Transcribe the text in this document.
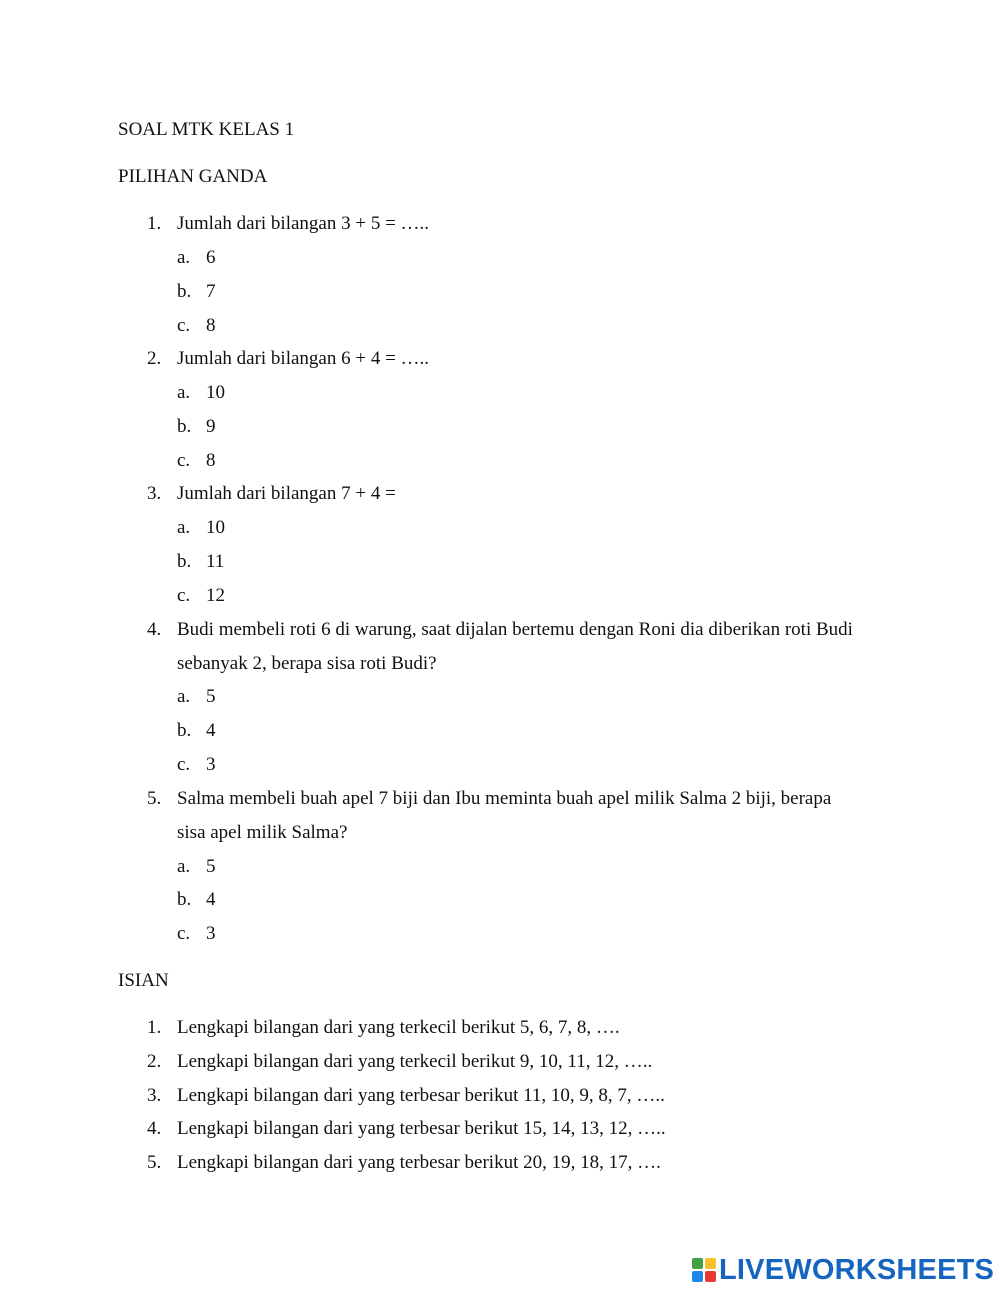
SOAL MTK KELAS 1
PILIHAN GANDA
1. Jumlah dari bilangan 3 + 5 = …..
a. 6
b. 7
c. 8
2. Jumlah dari bilangan 6 + 4 = …..
a. 10
b. 9
c. 8
3. Jumlah dari bilangan 7 + 4 =
a. 10
b. 11
c. 12
4. Budi membeli roti 6 di warung, saat dijalan bertemu dengan Roni dia diberikan roti Budi
sebanyak 2, berapa sisa roti Budi?
a. 5
b. 4
c. 3
5. Salma membeli buah apel 7 biji dan Ibu meminta buah apel milik Salma 2 biji, berapa
sisa apel milik Salma?
a. 5
b. 4
c. 3
ISIAN
1. Lengkapi bilangan dari yang terkecil berikut 5, 6, 7, 8, ….
2. Lengkapi bilangan dari yang terkecil berikut 9, 10, 11, 12, …..
3. Lengkapi bilangan dari yang terbesar berikut 11, 10, 9, 8, 7, …..
4. Lengkapi bilangan dari yang terbesar berikut 15, 14, 13, 12, …..
5. Lengkapi bilangan dari yang terbesar berikut 20, 19, 18, 17, ….
LIVEWORKSHEETS
